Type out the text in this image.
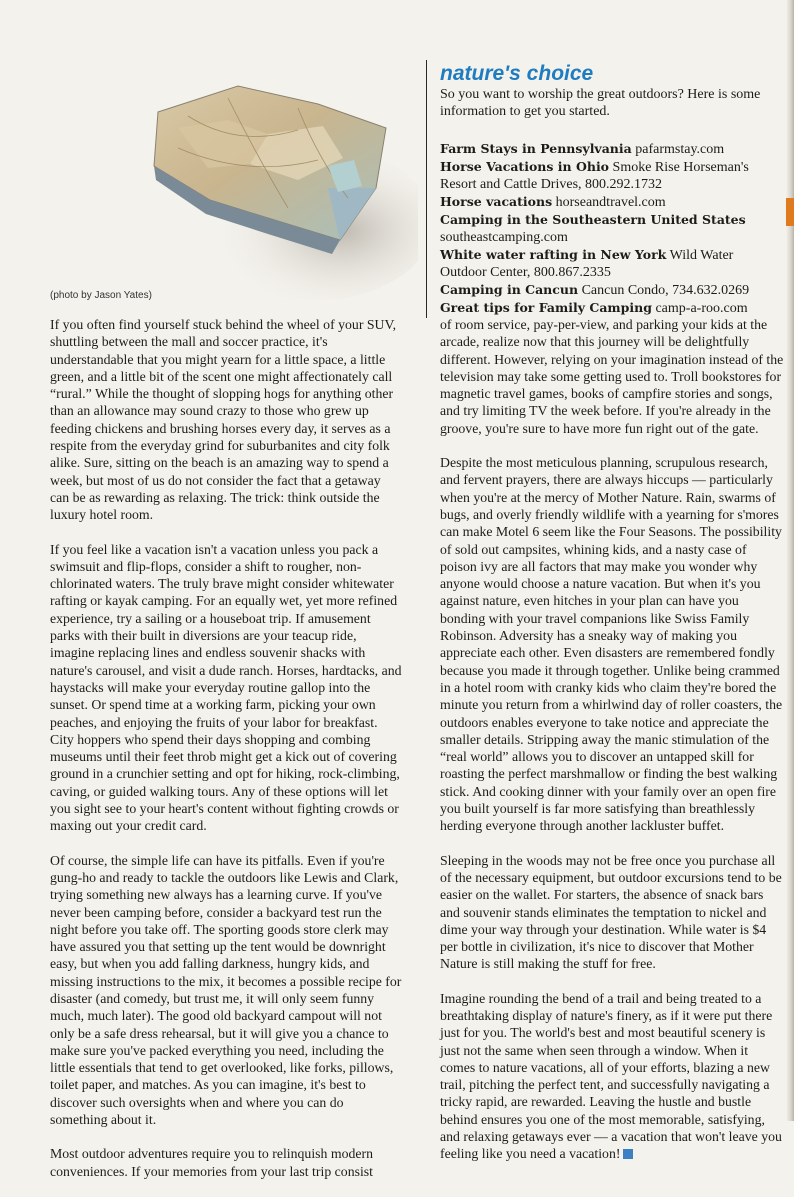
(photo by Jason Yates)
nature's choice

So you want to worship the great outdoors? Here is some information to get you started.

Farm Stays in Pennsylvania pafarmstay.com

Horse Vacations in Ohio Smoke Rise Horseman's Resort and Cattle Drives, 800.292.1732

Horse vacations horseandtravel.com

Camping in the Southeastern United States
southeastcamping.com

White water rafting in New York Wild Water Outdoor Center, 800.867.2335

Camping in Cancun Cancun Condo, 734.632.0269

Great tips for Family Camping camp-a-roo.com

If you often find yourself stuck behind the wheel of your SUV, shuttling between the mall and soccer practice, it's understandable that you might yearn for a little space, a little green, and a little bit of the scent one might affectionately call “rural.” While the thought of slopping hogs for anything other than an allowance may sound crazy to those who grew up feeding chickens and brushing horses every day, it serves as a respite from the everyday grind for suburbanites and city folk alike. Sure, sitting on the beach is an amazing way to spend a week, but most of us do not consider the fact that a getaway can be as rewarding as relaxing. The trick: think outside the luxury hotel room.

If you feel like a vacation isn't a vacation unless you pack a swimsuit and flip-flops, consider a shift to rougher, non-chlorinated waters. The truly brave might consider whitewater rafting or kayak camping. For an equally wet, yet more refined experience, try a sailing or a houseboat trip. If amusement parks with their built in diversions are your teacup ride, imagine replacing lines and endless souvenir shacks with nature's carousel, and visit a dude ranch. Horses, hardtacks, and haystacks will make your everyday routine gallop into the sunset. Or spend time at a working farm, picking your own peaches, and enjoying the fruits of your labor for breakfast. City hoppers who spend their days shopping and combing museums until their feet throb might get a kick out of covering ground in a crunchier setting and opt for hiking, rock-climbing, caving, or guided walking tours. Any of these options will let you sight see to your heart's content without fighting crowds or maxing out your credit card.

Of course, the simple life can have its pitfalls. Even if you're gung-ho and ready to tackle the outdoors like Lewis and Clark, trying something new always has a learning curve. If you've never been camping before, consider a backyard test run the night before you take off. The sporting goods store clerk may have assured you that setting up the tent would be downright easy, but when you add falling darkness, hungry kids, and missing instructions to the mix, it becomes a possible recipe for disaster (and comedy, but trust me, it will only seem funny much, much later). The good old backyard campout will not only be a safe dress rehearsal, but it will give you a chance to make sure you've packed everything you need, including the little essentials that tend to get overlooked, like forks, pillows, toilet paper, and matches. As you can imagine, it's best to discover such oversights when and where you can do something about it.

Most outdoor adventures require you to relinquish modern conveniences. If your memories from your last trip consist

of room service, pay-per-view, and parking your kids at the arcade, realize now that this journey will be delightfully different. However, relying on your imagination instead of the television may take some getting used to. Troll bookstores for magnetic travel games, books of campfire stories and songs, and try limiting TV the week before. If you're already in the groove, you're sure to have more fun right out of the gate.

Despite the most meticulous planning, scrupulous research, and fervent prayers, there are always hiccups — particularly when you're at the mercy of Mother Nature. Rain, swarms of bugs, and overly friendly wildlife with a yearning for s'mores can make Motel 6 seem like the Four Seasons. The possibility of sold out campsites, whining kids, and a nasty case of poison ivy are all factors that may make you wonder why anyone would choose a nature vacation. But when it's you against nature, even hitches in your plan can have you bonding with your travel companions like Swiss Family Robinson. Adversity has a sneaky way of making you appreciate each other. Even disasters are remembered fondly because you made it through together. Unlike being crammed in a hotel room with cranky kids who claim they're bored the minute you return from a whirlwind day of roller coasters, the outdoors enables everyone to take notice and appreciate the smaller details. Stripping away the manic stimulation of the “real world” allows you to discover an untapped skill for roasting the perfect marshmallow or finding the best walking stick. And cooking dinner with your family over an open fire you built yourself is far more satisfying than breathlessly herding everyone through another lackluster buffet.

Sleeping in the woods may not be free once you purchase all of the necessary equipment, but outdoor excursions tend to be easier on the wallet. For starters, the absence of snack bars and souvenir stands eliminates the temptation to nickel and dime your way through your destination. While water is $4 per bottle in civilization, it's nice to discover that Mother Nature is still making the stuff for free.

Imagine rounding the bend of a trail and being treated to a breathtaking display of nature's finery, as if it were put there just for you. The world's best and most beautiful scenery is just not the same when seen through a window. When it comes to nature vacations, all of your efforts, blazing a new trail, pitching the perfect tent, and successfully navigating a tricky rapid, are rewarded. Leaving the hustle and bustle behind ensures you one of the most memorable, satisfying, and relaxing getaways ever — a vacation that won't leave you feeling like you need a vacation!
